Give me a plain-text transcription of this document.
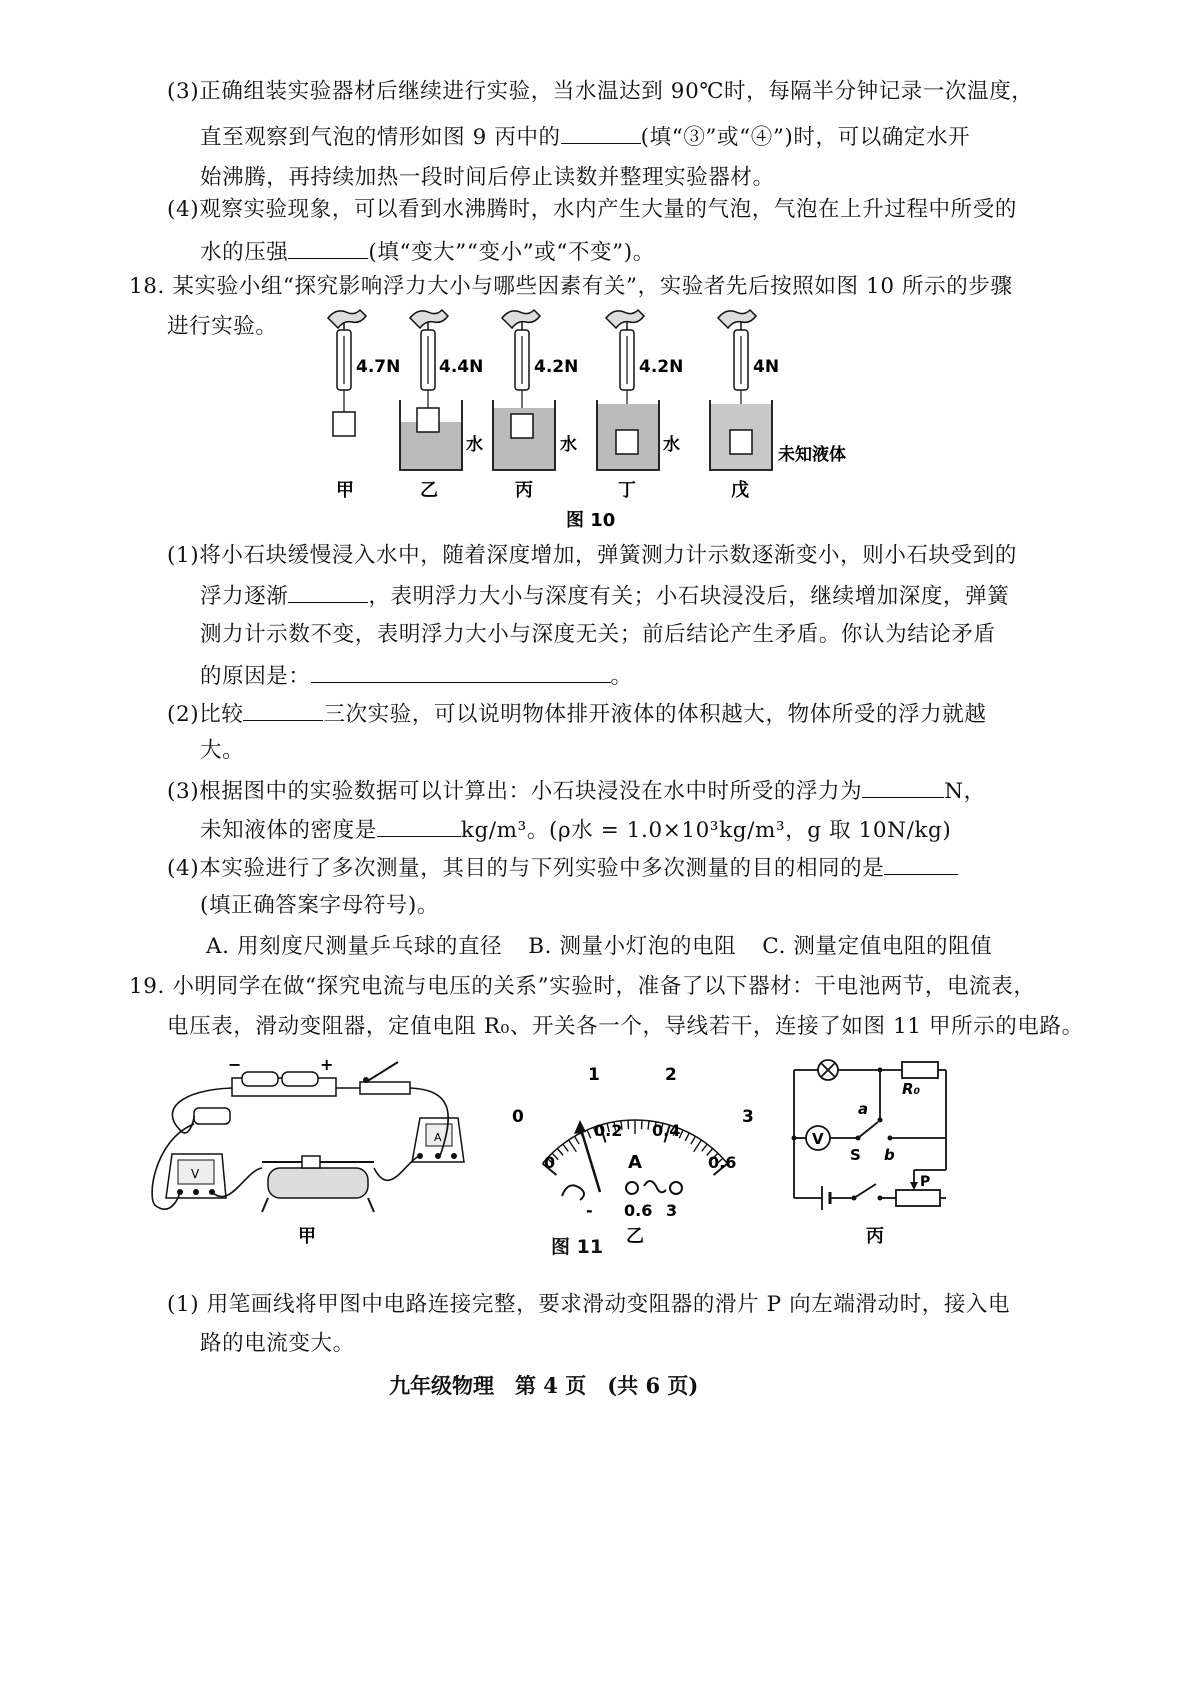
(3)正确组装实验器材后继续进行实验，当水温达到 90℃时，每隔半分钟记录一次温度，
直至观察到气泡的情形如图 9 丙中的	(填“③”或“④”)时，可以确定水开
始沸腾，再持续加热一段时间后停止读数并整理实验器材。
(4)观察实验现象，可以看到水沸腾时，水内产生大量的气泡，气泡在上升过程中所受的
水的压强	(填“变大”“变小”或“不变”)。
18. 某实验小组“探究影响浮力大小与哪些因素有关”，实验者先后按照如图 10 所示的步骤
进行实验。
4.7N 4.4N	4.2N	4.2N	4N
水	水	水	未知液体
甲	乙	丙	丁	戊
图 10
(1)将小石块缓慢浸入水中，随着深度增加，弹簧测力计示数逐渐变小，则小石块受到的
浮力逐渐	，表明浮力大小与深度有关；小石块浸没后，继续增加深度，弹簧
测力计示数不变，表明浮力大小与深度无关；前后结论产生矛盾。你认为结论矛盾
的原因是：	。
(2)比较	三次实验，可以说明物体排开液体的体积越大，物体所受的浮力就越
大。
(3)根据图中的实验数据可以计算出：小石块浸没在水中时所受的浮力为	N，
未知液体的密度是	kg/m³。(ρ水 = 1.0×10³kg/m³，g 取 10N/kg)
(4)本实验进行了多次测量，其目的与下列实验中多次测量的目的相同的是
(填正确答案字母符号)。
A. 用刻度尺测量乒乓球的直径 B. 测量小灯泡的电阻 C. 测量定值电阻的阻值
19. 小明同学在做“探究电流与电压的关系”实验时，准备了以下器材：干电池两节，电流表，
电压表，滑动变阻器，定值电阻 R₀、开关各一个，导线若干，连接了如图 11 甲所示的电路。
−	+
A
V
甲
0
1	2
3
0
0.2 0.4
0.6
A
- 0.6 3
乙
V
R₀
a
S b
P
丙
图 11
(1) 用笔画线将甲图中电路连接完整，要求滑动变阻器的滑片 P 向左端滑动时，接入电
路的电流变大。
九年级物理　第 4 页　(共 6 页)
